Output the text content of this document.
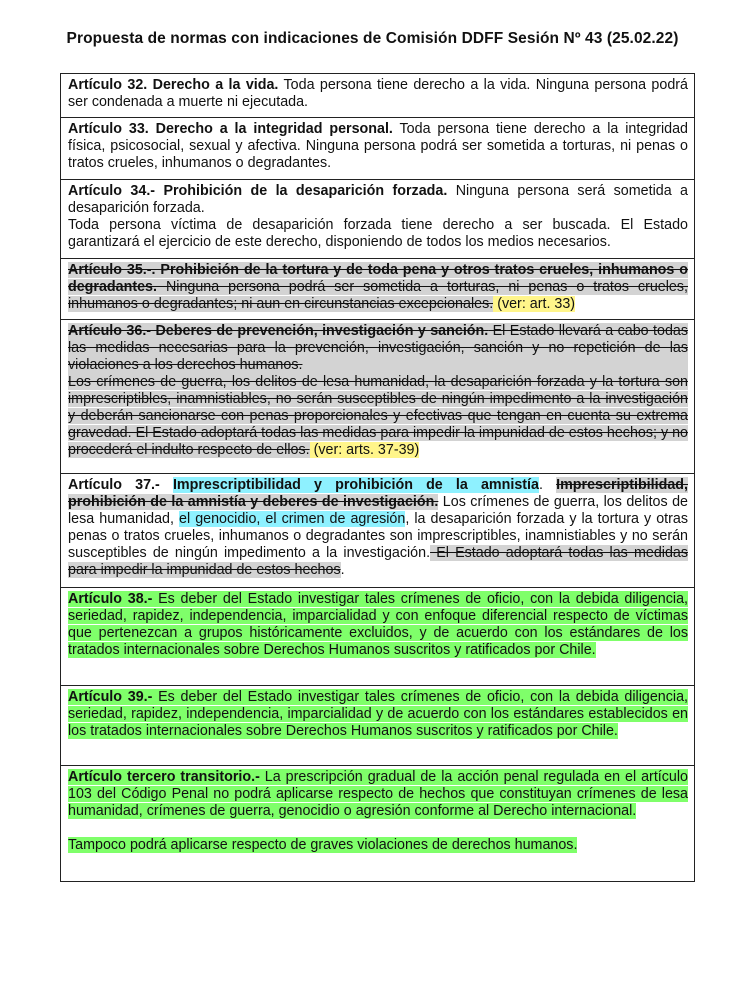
Propuesta de normas con indicaciones de Comisión DDFF Sesión Nº 43 (25.02.22)

Artículo 32. Derecho a la vida. Toda persona tiene derecho a la vida. Ninguna persona podrá ser condenada a muerte ni ejecutada.

Artículo 33. Derecho a la integridad personal. Toda persona tiene derecho a la integridad física, psicosocial, sexual y afectiva. Ninguna persona podrá ser sometida a torturas, ni penas o tratos crueles, inhumanos o degradantes.

Artículo 34.- Prohibición de la desaparición forzada. Ninguna persona será sometida a desaparición forzada.

Toda persona víctima de desaparición forzada tiene derecho a ser buscada. El Estado garantizará el ejercicio de este derecho, disponiendo de todos los medios necesarios.

Artículo 35.-. Prohibición de la tortura y de toda pena y otros tratos crueles, inhumanos o degradantes. Ninguna persona podrá ser sometida a torturas, ni penas o tratos crueles, inhumanos o degradantes; ni aun en circunstancias excepcionales. (ver: art. 33)

Artículo 36.- Deberes de prevención, investigación y sanción. El Estado llevará a cabo todas las medidas necesarias para la prevención, investigación, sanción y no repetición de las violaciones a los derechos humanos.

Los crímenes de guerra, los delitos de lesa humanidad, la desaparición forzada y la tortura son imprescriptibles, inamnistiables, no serán susceptibles de ningún impedimento a la investigación y deberán sancionarse con penas proporcionales y efectivas que tengan en cuenta su extrema gravedad. El Estado adoptará todas las medidas para impedir la impunidad de estos hechos; y no procederá el indulto respecto de ellos. (ver: arts. 37-39)

Artículo 37.- Imprescriptibilidad y prohibición de la amnistía. Imprescriptibilidad, prohibición de la amnistía y deberes de investigación. Los crímenes de guerra, los delitos de lesa humanidad, el genocidio, el crimen de agresión, la desaparición forzada y la tortura y otras penas o tratos crueles, inhumanos o degradantes son imprescriptibles, inamnistiables y no serán susceptibles de ningún impedimento a la investigación. El Estado adoptará todas las medidas para impedir la impunidad de estos hechos.

Artículo 38.- Es deber del Estado investigar tales crímenes de oficio, con la debida diligencia, seriedad, rapidez, independencia, imparcialidad y con enfoque diferencial respecto de víctimas que pertenezcan a grupos históricamente excluidos, y de acuerdo con los estándares de los tratados internacionales sobre Derechos Humanos suscritos y ratificados por Chile.

Artículo 39.- Es deber del Estado investigar tales crímenes de oficio, con la debida diligencia, seriedad, rapidez, independencia, imparcialidad y de acuerdo con los estándares establecidos en los tratados internacionales sobre Derechos Humanos suscritos y ratificados por Chile.

Artículo tercero transitorio.- La prescripción gradual de la acción penal regulada en el artículo 103 del Código Penal no podrá aplicarse respecto de hechos que constituyan crímenes de lesa humanidad, crímenes de guerra, genocidio o agresión conforme al Derecho internacional.

Tampoco podrá aplicarse respecto de graves violaciones de derechos humanos.
